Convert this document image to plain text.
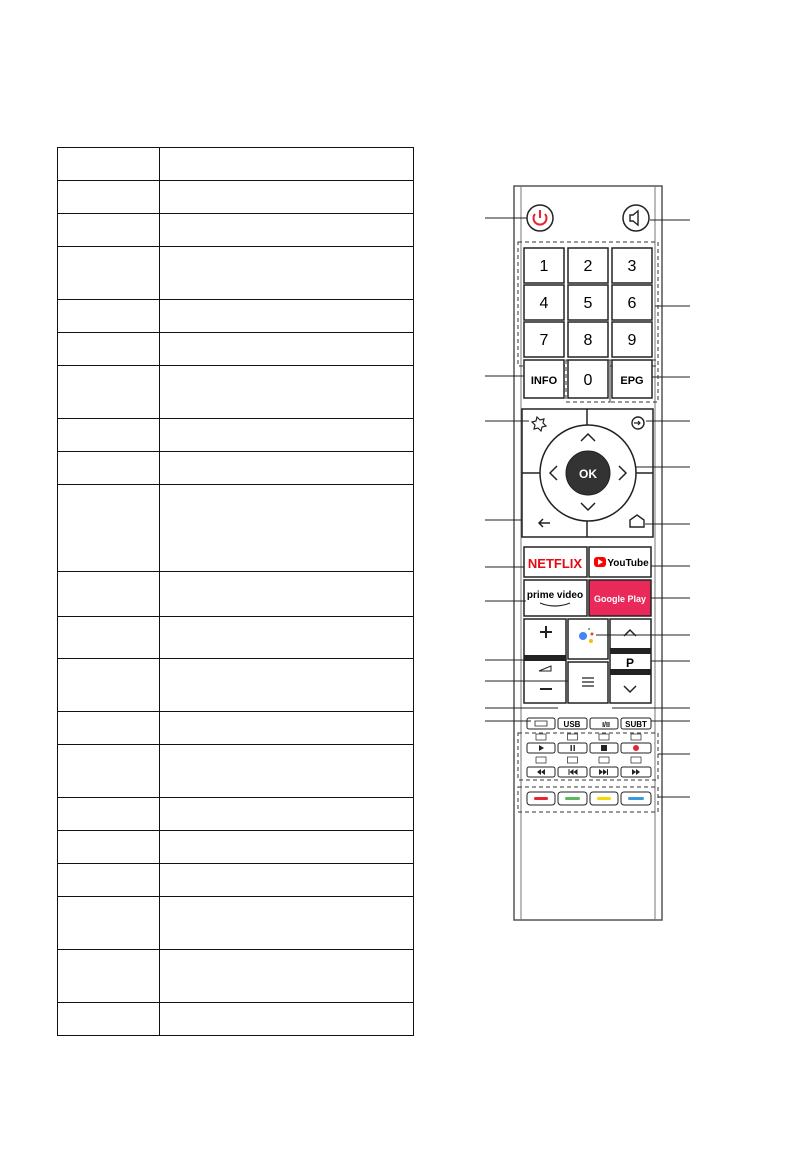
1 2 3
4 5 6
7 8 9
0
INFO	EPG
OK
NETFLIX	YouTube
prime video Google Play
P
USB	I/II SUBT
